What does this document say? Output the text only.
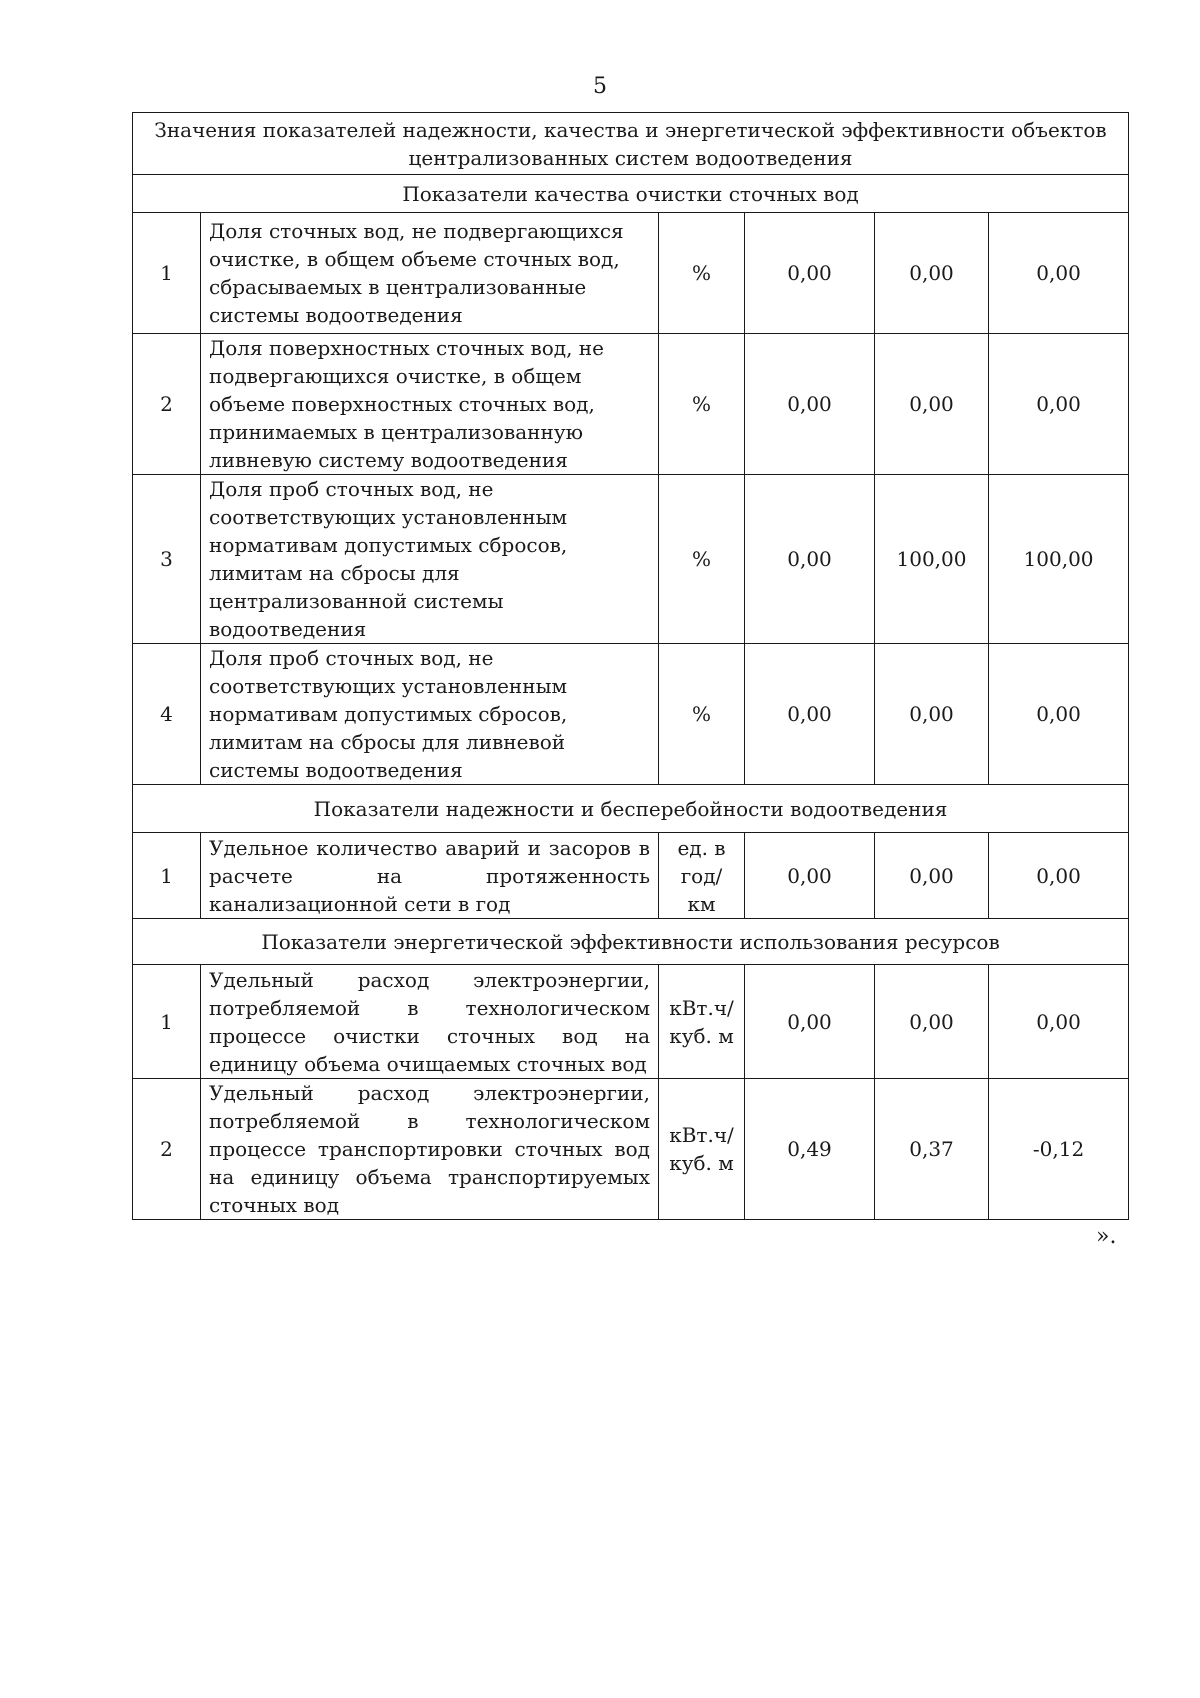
5
Значения показателей надежности, качества и энергетической эффективности объектов централизованных систем водоотведения					
Показатели качества очистки сточных вод					
1	Доля сточных вод, не подвергающихся очистке, в общем объеме сточных вод, сбрасываемых в централизованные системы водоотведения	%	0,00	0,00	0,00
2	Доля поверхностных сточных вод, не подвергающихся очистке, в общем объеме поверхностных сточных вод, принимаемых в централизованную ливневую систему водоотведения	%	0,00	0,00	0,00
3	Доля проб сточных вод, не соответствующих установленным нормативам допустимых сбросов, лимитам на сбросы для централизованной системы водоотведения	%	0,00	100,00	100,00
4	Доля проб сточных вод, не соответствующих установленным нормативам допустимых сбросов, лимитам на сбросы для ливневой системы водоотведения	%	0,00	0,00	0,00
Показатели надежности и бесперебойности водоотведения					
1	Удельное количество аварий и засоров в расчете на протяженность канализационной сети в год	ед. в год/ км	0,00	0,00	0,00
Показатели энергетической эффективности использования ресурсов					
1	Удельный расход электроэнергии, потребляемой в технологическом процессе очистки сточных вод на единицу объема очищаемых сточных вод	кВт.ч/ куб. м	0,00	0,00	0,00
2	Удельный расход электроэнергии, потребляемой в технологическом процессе транспортировки сточных вод на единицу объема транспортируемых сточных вод	кВт.ч/ куб. м	0,49	0,37	-0,12
».
